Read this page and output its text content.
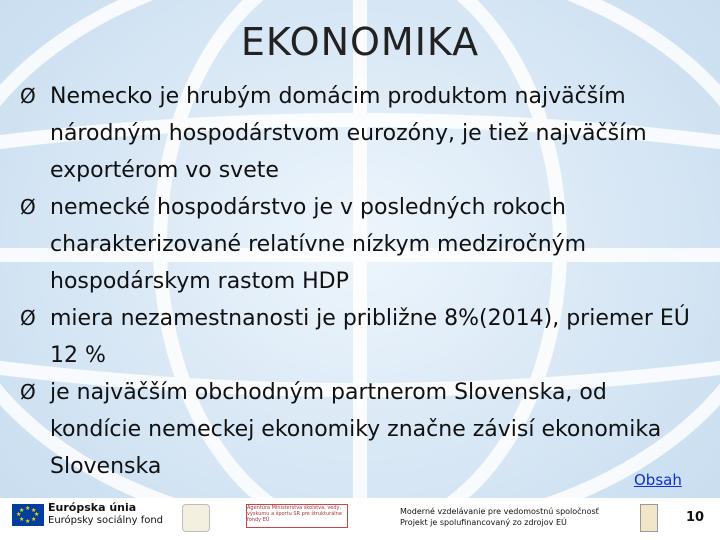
EKONOMIKA
Ø Nemecko je hrubým domácim produktom najväčším národným hospodárstvom eurozóny, je tiež najväčším exportérom vo svete
Ø nemecké hospodárstvo je v posledných rokoch charakterizované relatívne nízkym medziročným hospodárskym rastom HDP
Ø miera nezamestnanosti je približne 8%(2014), priemer EÚ 12 %
Ø je najväčším obchodným partnerom Slovenska, od kondície nemeckej ekonomiky značne závisí ekonomika Slovenska
Obsah
★ ★
★
★
★
★
★
★ Európska únia
Európsky sociálny fond
Agentúra Ministerstva školstva, vedy, výskumu a športu SR pre štrukturálne fondy EÚ
Moderné vzdelávanie pre vedomostnú spoločnosť
Projekt je spolufinancovaný zo zdrojov EÚ	10
